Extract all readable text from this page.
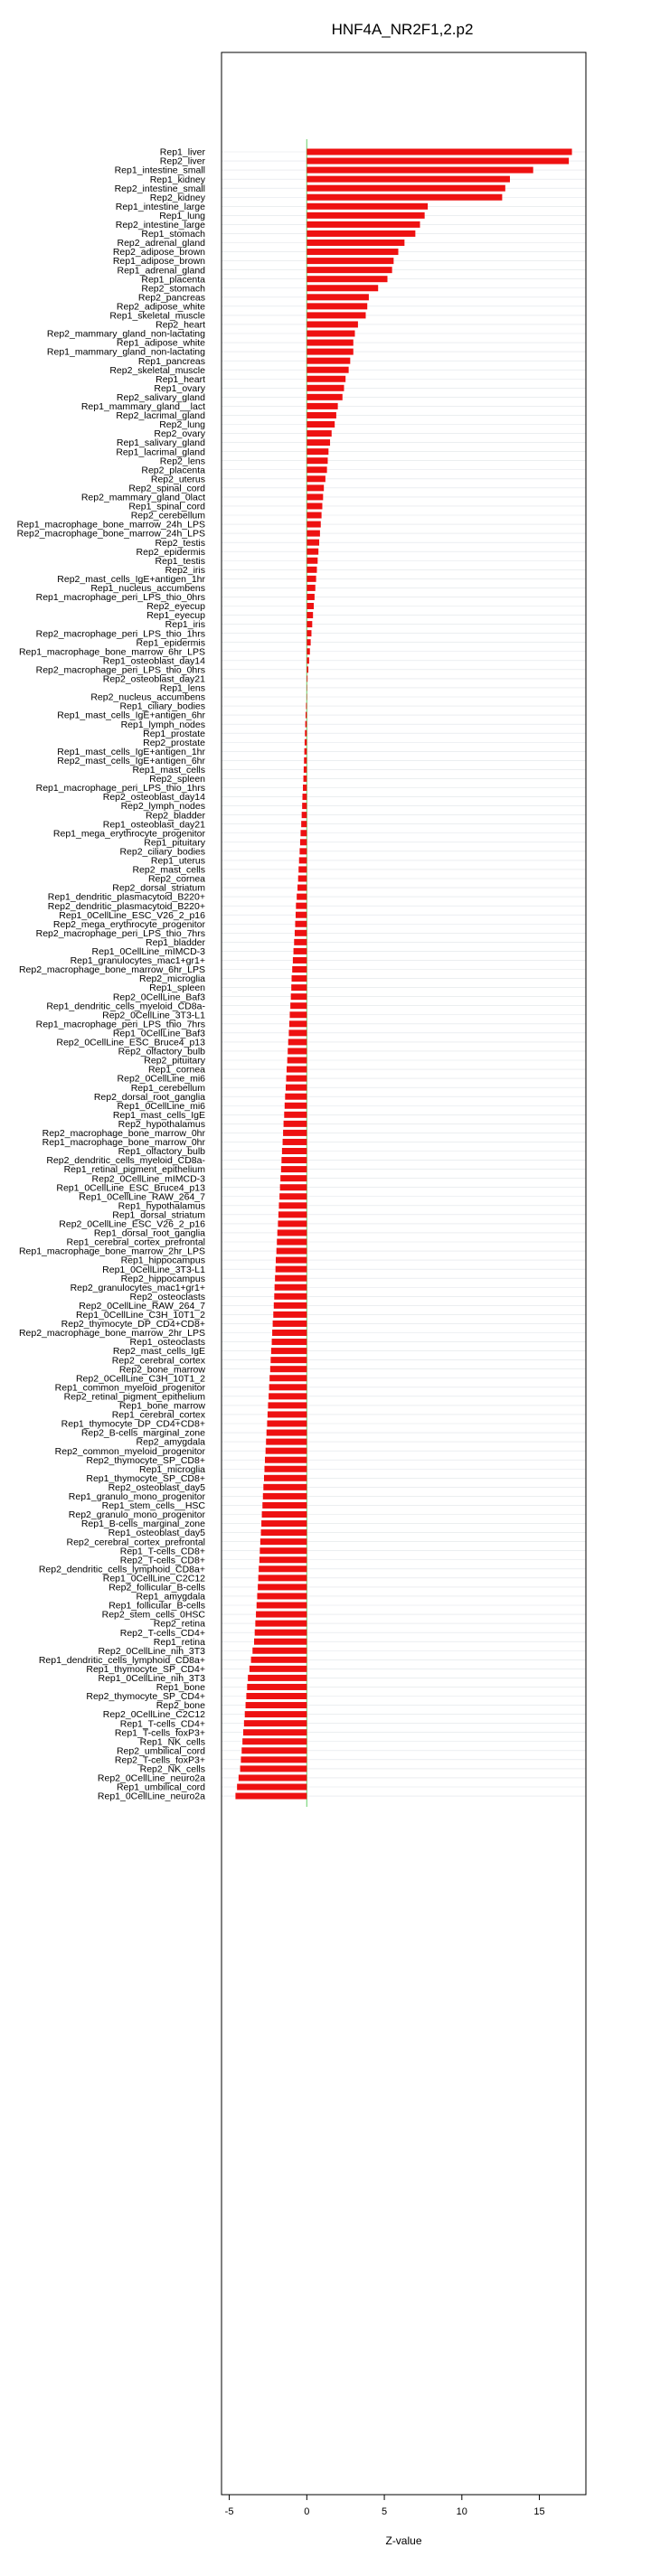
HNF4A_NR2F1,2.p2
Rep1_liver
Rep2_liver
Rep1_intestine_small
Rep1_kidney
Rep2_intestine_small
Rep2_kidney
Rep1_intestine_large
Rep1_lung
Rep2_intestine_large
Rep1_stomach
Rep2_adrenal_gland
Rep2_adipose_brown
Rep1_adipose_brown
Rep1_adrenal_gland
Rep1_placenta
Rep2_stomach
Rep2_pancreas
Rep2_adipose_white
Rep1_skeletal_muscle
Rep2_heart
Rep2_mammary_gland_non-lactating
Rep1_adipose_white
Rep1_mammary_gland_non-lactating
Rep1_pancreas
Rep2_skeletal_muscle
Rep1_heart
Rep1_ovary
Rep2_salivary_gland
Rep1_mammary_gland__lact
Rep2_lacrimal_gland
Rep2_lung
Rep2_ovary
Rep1_salivary_gland
Rep1_lacrimal_gland
Rep2_lens
Rep2_placenta
Rep2_uterus
Rep2_spinal_cord
Rep2_mammary_gland_0lact
Rep1_spinal_cord
Rep2_cerebellum
Rep1_macrophage_bone_marrow_24h_LPS
Rep2_macrophage_bone_marrow_24h_LPS
Rep2_testis
Rep2_epidermis
Rep1_testis
Rep2_iris
Rep2_mast_cells_IgE+antigen_1hr
Rep1_nucleus_accumbens
Rep1_macrophage_peri_LPS_thio_0hrs
Rep2_eyecup
Rep1_eyecup
Rep1_iris
Rep2_macrophage_peri_LPS_thio_1hrs
Rep1_epidermis
Rep1_macrophage_bone_marrow_6hr_LPS
Rep1_osteoblast_day14
Rep2_macrophage_peri_LPS_thio_0hrs
Rep2_osteoblast_day21
Rep1_lens
Rep2_nucleus_accumbens
Rep1_ciliary_bodies
Rep1_mast_cells_IgE+antigen_6hr
Rep1_lymph_nodes
Rep1_prostate
Rep2_prostate
Rep1_mast_cells_IgE+antigen_1hr
Rep2_mast_cells_IgE+antigen_6hr
Rep1_mast_cells
Rep2_spleen
Rep1_macrophage_peri_LPS_thio_1hrs
Rep2_osteoblast_day14
Rep2_lymph_nodes
Rep2_bladder
Rep1_osteoblast_day21
Rep1_mega_erythrocyte_progenitor
Rep1_pituitary
Rep2_ciliary_bodies
Rep1_uterus
Rep2_mast_cells
Rep2_cornea
Rep2_dorsal_striatum
Rep1_dendritic_plasmacytoid_B220+
Rep2_dendritic_plasmacytoid_B220+
Rep1_0CellLine_ESC_V26_2_p16
Rep2_mega_erythrocyte_progenitor
Rep2_macrophage_peri_LPS_thio_7hrs
Rep1_bladder
Rep1_0CellLine_mIMCD-3
Rep1_granulocytes_mac1+gr1+
Rep2_macrophage_bone_marrow_6hr_LPS
Rep2_microglia
Rep1_spleen
Rep2_0CellLine_Baf3
Rep1_dendritic_cells_myeloid_CD8a-
Rep2_0CellLine_3T3-L1
Rep1_macrophage_peri_LPS_thio_7hrs
Rep1_0CellLine_Baf3
Rep2_0CellLine_ESC_Bruce4_p13
Rep2_olfactory_bulb
Rep2_pituitary
Rep1_cornea
Rep2_0CellLine_mi6
Rep1_cerebellum
Rep2_dorsal_root_ganglia
Rep1_0CellLine_mi6
Rep1_mast_cells_IgE
Rep2_hypothalamus
Rep2_macrophage_bone_marrow_0hr
Rep1_macrophage_bone_marrow_0hr
Rep1_olfactory_bulb
Rep2_dendritic_cells_myeloid_CD8a-
Rep1_retinal_pigment_epithelium
Rep2_0CellLine_mIMCD-3
Rep1_0CellLine_ESC_Bruce4_p13
Rep1_0CellLine_RAW_264_7
Rep1_hypothalamus
Rep1_dorsal_striatum
Rep2_0CellLine_ESC_V26_2_p16
Rep1_dorsal_root_ganglia
Rep1_cerebral_cortex_prefrontal
Rep1_macrophage_bone_marrow_2hr_LPS
Rep1_hippocampus
Rep1_0CellLine_3T3-L1
Rep2_hippocampus
Rep2_granulocytes_mac1+gr1+
Rep2_osteoclasts
Rep2_0CellLine_RAW_264_7
Rep1_0CellLine_C3H_10T1_2
Rep2_thymocyte_DP_CD4+CD8+
Rep2_macrophage_bone_marrow_2hr_LPS
Rep1_osteoclasts
Rep2_mast_cells_IgE
Rep2_cerebral_cortex
Rep2_bone_marrow
Rep2_0CellLine_C3H_10T1_2
Rep1_common_myeloid_progenitor
Rep2_retinal_pigment_epithelium
Rep1_bone_marrow
Rep1_cerebral_cortex
Rep1_thymocyte_DP_CD4+CD8+
Rep2_B-cells_marginal_zone
Rep2_amygdala
Rep2_common_myeloid_progenitor
Rep2_thymocyte_SP_CD8+
Rep1_microglia
Rep1_thymocyte_SP_CD8+
Rep2_osteoblast_day5
Rep1_granulo_mono_progenitor
Rep1_stem_cells__HSC
Rep2_granulo_mono_progenitor
Rep1_B-cells_marginal_zone
Rep1_osteoblast_day5
Rep2_cerebral_cortex_prefrontal
Rep1_T-cells_CD8+
Rep2_T-cells_CD8+
Rep2_dendritic_cells_lymphoid_CD8a+
Rep1_0CellLine_C2C12
Rep2_follicular_B-cells
Rep1_amygdala
Rep1_follicular_B-cells
Rep2_stem_cells_0HSC
Rep2_retina
Rep2_T-cells_CD4+
Rep1_retina
Rep2_0CellLine_nih_3T3
Rep1_dendritic_cells_lymphoid_CD8a+
Rep1_thymocyte_SP_CD4+
Rep1_0CellLine_nih_3T3
Rep1_bone
Rep2_thymocyte_SP_CD4+
Rep2_bone
Rep2_0CellLine_C2C12
Rep1_T-cells_CD4+
Rep1_T-cells_foxP3+
Rep1_NK_cells
Rep2_umbilical_cord
Rep2_T-cells_foxP3+
Rep2_NK_cells
Rep2_0CellLine_neuro2a
Rep1_umbilical_cord
Rep1_0CellLine_neuro2a
-5	0	5	10	15
Z-value
